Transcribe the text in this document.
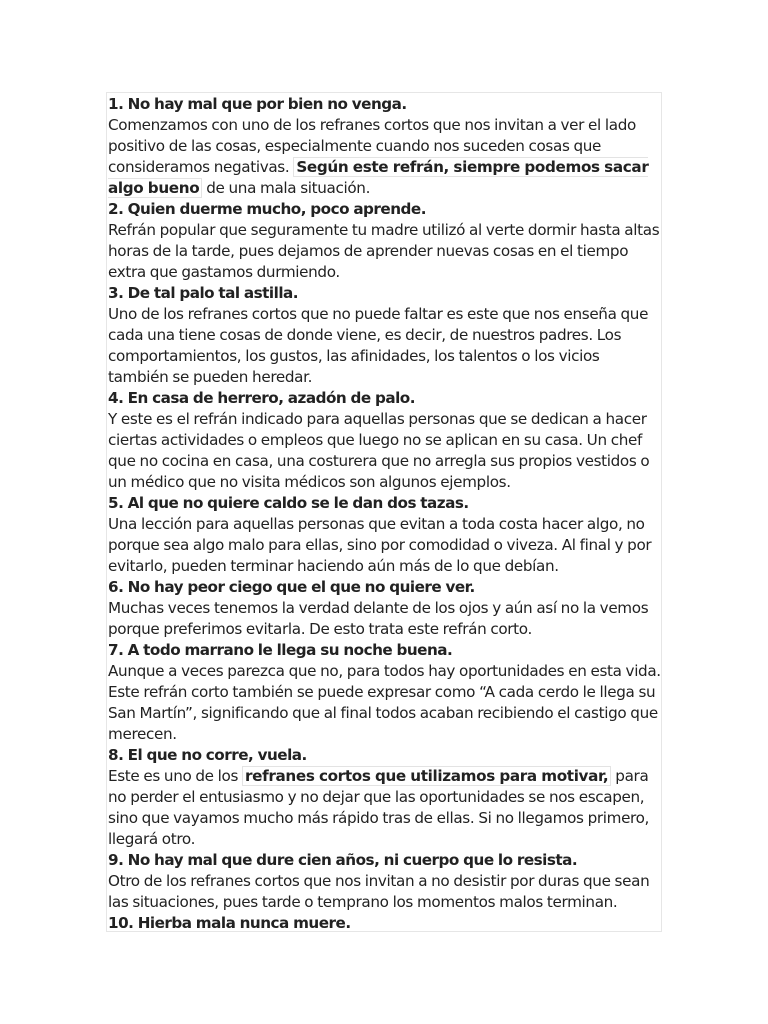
1. No hay mal que por bien no venga.

Comenzamos con uno de los refranes cortos que nos invitan a ver el lado positivo de las cosas, especialmente cuando nos suceden cosas que consideramos negativas. Según este refrán, siempre podemos sacar algo bueno de una mala situación.

2. Quien duerme mucho, poco aprende.

Refrán popular que seguramente tu madre utilizó al verte dormir hasta altas horas de la tarde, pues dejamos de aprender nuevas cosas en el tiempo extra que gastamos durmiendo.

3. De tal palo tal astilla.

Uno de los refranes cortos que no puede faltar es este que nos enseña que cada una tiene cosas de donde viene, es decir, de nuestros padres. Los comportamientos, los gustos, las afinidades, los talentos o los vicios también se pueden heredar.

4. En casa de herrero, azadón de palo.

Y este es el refrán indicado para aquellas personas que se dedican a hacer ciertas actividades o empleos que luego no se aplican en su casa. Un chef que no cocina en casa, una costurera que no arregla sus propios vestidos o un médico que no visita médicos son algunos ejemplos.

5. Al que no quiere caldo se le dan dos tazas.

Una lección para aquellas personas que evitan a toda costa hacer algo, no porque sea algo malo para ellas, sino por comodidad o viveza. Al final y por evitarlo, pueden terminar haciendo aún más de lo que debían.

6. No hay peor ciego que el que no quiere ver.

Muchas veces tenemos la verdad delante de los ojos y aún así no la vemos porque preferimos evitarla. De esto trata este refrán corto.

7. A todo marrano le llega su noche buena.

Aunque a veces parezca que no, para todos hay oportunidades en esta vida. Este refrán corto también se puede expresar como “A cada cerdo le llega su San Martín”, significando que al final todos acaban recibiendo el castigo que merecen.

8. El que no corre, vuela.

Este es uno de los refranes cortos que utilizamos para motivar, para no perder el entusiasmo y no dejar que las oportunidades se nos escapen, sino que vayamos mucho más rápido tras de ellas. Si no llegamos primero, llegará otro.

9. No hay mal que dure cien años, ni cuerpo que lo resista.

Otro de los refranes cortos que nos invitan a no desistir por duras que sean las situaciones, pues tarde o temprano los momentos malos terminan.

10. Hierba mala nunca muere.
